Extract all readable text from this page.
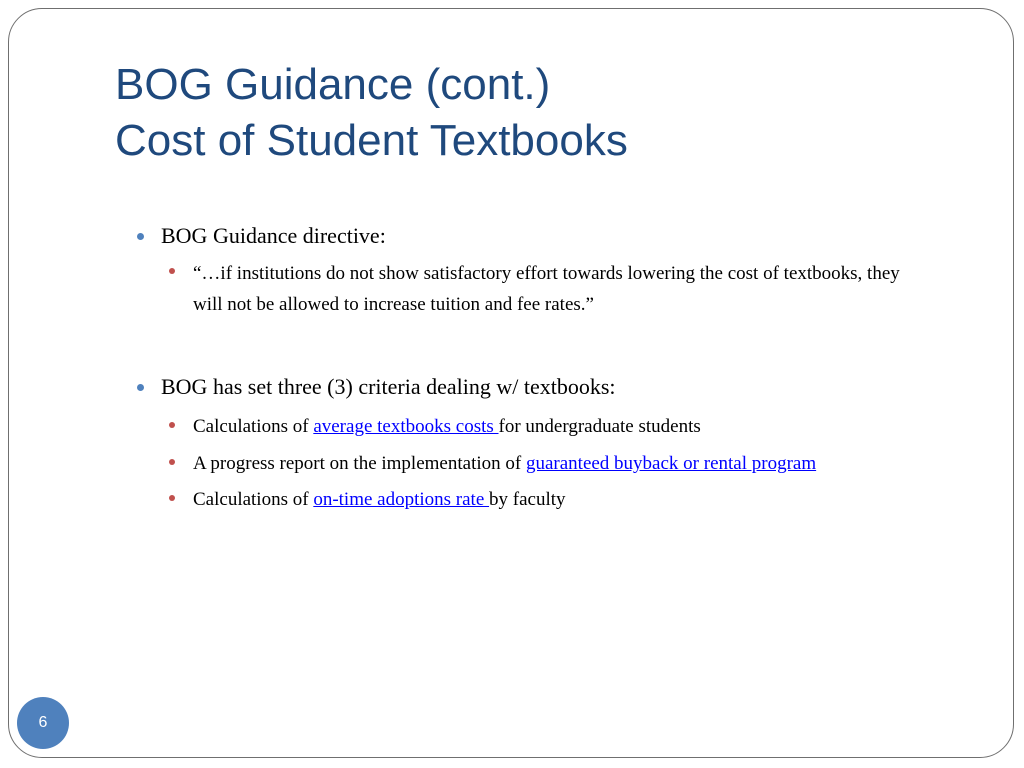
BOG Guidance (cont.)
Cost of Student Textbooks
BOG Guidance directive:
“…if institutions do not show satisfactory effort towards lowering the cost of textbooks, they will not be allowed to increase tuition and fee rates.”
BOG has set three (3) criteria dealing w/ textbooks:
Calculations of average textbooks costs for undergraduate students
A progress report on the implementation of guaranteed buyback or rental program
Calculations of on-time adoptions rate by faculty
6
